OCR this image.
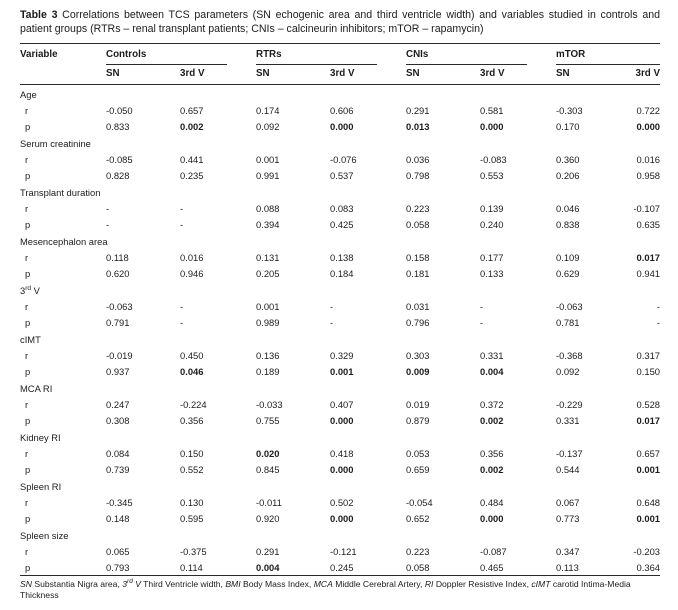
Table 3 Correlations between TCS parameters (SN echogenic area and third ventricle width) and variables studied in controls and patient groups (RTRs – renal transplant patients; CNIs – calcineurin inhibitors; mTOR – rapamycin)
Variable	Controls		RTRs		CNIs		mTOR	

	SN	3rd V	SN	3rd V	SN	3rd V	SN	3rd V
Age								
r	-0.050	0.657	0.174	0.606	0.291	0.581	-0.303	0.722
p	0.833	0.002	0.092	0.000	0.013	0.000	0.170	0.000
Serum creatinine								
r	-0.085	0.441	0.001	-0.076	0.036	-0.083	0.360	0.016
p	0.828	0.235	0.991	0.537	0.798	0.553	0.206	0.958
Transplant duration								
r	-	-	0.088	0.083	0.223	0.139	0.046	-0.107
p	-	-	0.394	0.425	0.058	0.240	0.838	0.635
Mesencephalon area								
r	0.118	0.016	0.131	0.138	0.158	0.177	0.109	0.017
p	0.620	0.946	0.205	0.184	0.181	0.133	0.629	0.941
3rd V								
r	-0.063	-	0.001	-	0.031	-	-0.063	-
p	0.791	-	0.989	-	0.796	-	0.781	-
cIMT								
r	-0.019	0.450	0.136	0.329	0.303	0.331	-0.368	0.317
p	0.937	0.046	0.189	0.001	0.009	0.004	0.092	0.150
MCA RI								
r	0.247	-0.224	-0.033	0.407	0.019	0.372	-0.229	0.528
p	0.308	0.356	0.755	0.000	0.879	0.002	0.331	0.017
Kidney RI								
r	0.084	0.150	0.020	0.418	0.053	0.356	-0.137	0.657
p	0.739	0.552	0.845	0.000	0.659	0.002	0.544	0.001
Spleen RI								
r	-0.345	0.130	-0.011	0.502	-0.054	0.484	0.067	0.648
p	0.148	0.595	0.920	0.000	0.652	0.000	0.773	0.001
Spleen size								
r	0.065	-0.375	0.291	-0.121	0.223	-0.087	0.347	-0.203
p	0.793	0.114	0.004	0.245	0.058	0.465	0.113	0.364
SN Substantia Nigra area, 3rd V Third Ventricle width, BMI Body Mass Index, MCA Middle Cerebral Artery, RI Doppler Resistive Index, cIMT carotid Intima-Media Thickness
